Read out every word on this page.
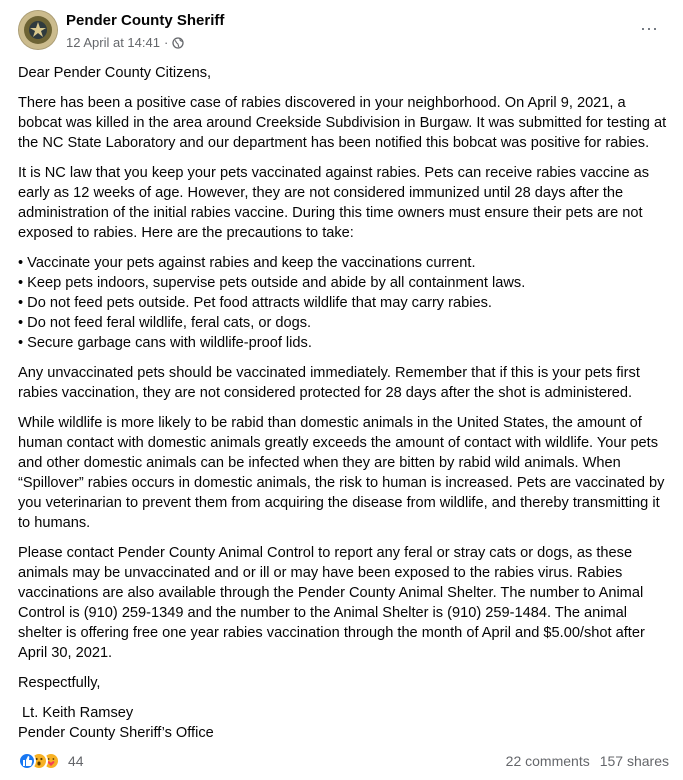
Pender County Sheriff
12 April at 14:41 ·
···

Dear Pender County Citizens,

There has been a positive case of rabies discovered in your neighborhood. On April 9, 2021, a bobcat was killed in the area around Creekside Subdivision in Burgaw. It was submitted for testing at the NC State Laboratory and our department has been notified this bobcat was positive for rabies.

It is NC law that you keep your pets vaccinated against rabies. Pets can receive rabies vaccine as early as 12 weeks of age. However, they are not considered immunized until 28 days after the administration of the initial rabies vaccine. During this time owners must ensure their pets are not exposed to rabies. Here are the precautions to take:

• Vaccinate your pets against rabies and keep the vaccinations current.
• Keep pets indoors, supervise pets outside and abide by all containment laws.
• Do not feed pets outside. Pet food attracts wildlife that may carry rabies.
• Do not feed feral wildlife, feral cats, or dogs.
• Secure garbage cans with wildlife-proof lids.

Any unvaccinated pets should be vaccinated immediately. Remember that if this is your pets first rabies vaccination, they are not considered protected for 28 days after the shot is administered.

While wildlife is more likely to be rabid than domestic animals in the United States, the amount of human contact with domestic animals greatly exceeds the amount of contact with wildlife. Your pets and other domestic animals can be infected when they are bitten by rabid wild animals. When “Spillover” rabies occurs in domestic animals, the risk to human is increased. Pets are vaccinated by you veterinarian to prevent them from acquiring the disease from wildlife, and thereby transmitting it to humans.

Please contact Pender County Animal Control to report any feral or stray cats or dogs, as these animals may be unvaccinated and or ill or may have been exposed to the rabies virus. Rabies vaccinations are also available through the Pender County Animal Shelter. The number to Animal Control is (910) 259-1349 and the number to the Animal Shelter is (910) 259-1484. The animal shelter is offering free one year rabies vaccination through the month of April and $5.00/shot after April 30, 2021.

Respectfully,

Lt. Keith Ramsey
Pender County Sheriff’s Office
44	22 comments 157 shares
